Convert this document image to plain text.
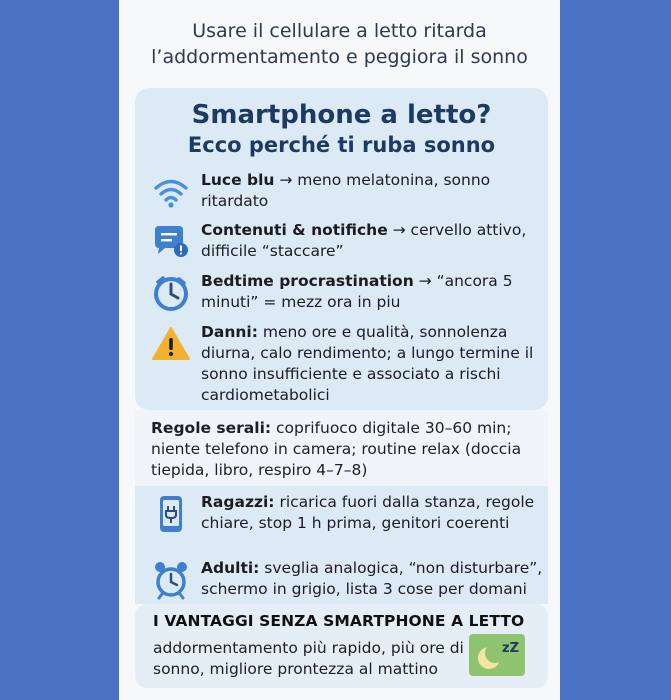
Usare il cellulare a letto ritarda
l’addormentamento e peggiora il sonno
Smartphone a letto?
Ecco perché ti ruba sonno
Luce blu → meno melatonina, sonno ritardato
Contenuti & notifiche → cervello attivo, difficile “staccare”
Bedtime procrastination → “ancora 5 minuti” = mezz ora in piu
Danni: meno ore e qualità, sonnolenza diurna, calo rendimento; a lungo termine il sonno insufficiente e associato a rischi cardiometabolici
Regole serali: coprifuoco digitale 30–60 min; niente telefono in camera; routine relax (doccia tiepida, libro, respiro 4–7–8)
Ragazzi: ricarica fuori dalla stanza, regole chiare, stop 1 h prima, genitori coerenti
Adulti: sveglia analogica, “non disturbare”, schermo in grigio, lista 3 cose per domani
I VANTAGGI SENZA SMARTPHONE A LETTO
addormentamento più rapido, più ore di sonno, migliore prontezza al mattino
zZ
